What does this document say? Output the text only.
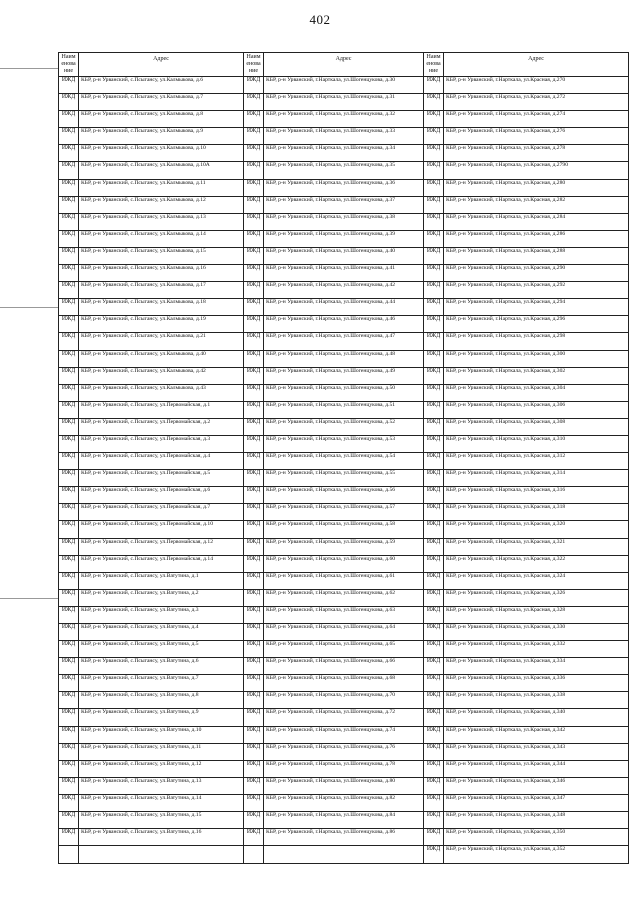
402
Наим
енова
ние	Адрес	Наим
енова
ние	Адрес	Наим
енова
ние	Адрес
ИЖД	КБР, р-н Урванский, с.Псыгансу, ул.Калмыкова, д.6	ИЖД	КБР, р-н Урванский, г.Нарткала, ул.Шогенцукова, д.30	ИЖД	КБР, р-н Урванский, г.Нарткала, ул.Красная, д.270
ИЖД	КБР, р-н Урванский, с.Псыгансу, ул.Калмыкова, д.7	ИЖД	КБР, р-н Урванский, г.Нарткала, ул.Шогенцукова, д.31	ИЖД	КБР, р-н Урванский, г.Нарткала, ул.Красная, д.272
ИЖД	КБР, р-н Урванский, с.Псыгансу, ул.Калмыкова, д.8	ИЖД	КБР, р-н Урванский, г.Нарткала, ул.Шогенцукова, д.32	ИЖД	КБР, р-н Урванский, г.Нарткала, ул.Красная, д.274
ИЖД	КБР, р-н Урванский, с.Псыгансу, ул.Калмыкова, д.9	ИЖД	КБР, р-н Урванский, г.Нарткала, ул.Шогенцукова, д.33	ИЖД	КБР, р-н Урванский, г.Нарткала, ул.Красная, д.276
ИЖД	КБР, р-н Урванский, с.Псыгансу, ул.Калмыкова, д.10	ИЖД	КБР, р-н Урванский, г.Нарткала, ул.Шогенцукова, д.34	ИЖД	КБР, р-н Урванский, г.Нарткала, ул.Красная, д.278
ИЖД	КБР, р-н Урванский, с.Псыгансу, ул.Калмыкова, д.10А	ИЖД	КБР, р-н Урванский, г.Нарткала, ул.Шогенцукова, д.35	ИЖД	КБР, р-н Урванский, г.Нарткала, ул.Красная, д.2790
ИЖД	КБР, р-н Урванский, с.Псыгансу, ул.Калмыкова, д.11	ИЖД	КБР, р-н Урванский, г.Нарткала, ул.Шогенцукова, д.36	ИЖД	КБР, р-н Урванский, г.Нарткала, ул.Красная, д.280
ИЖД	КБР, р-н Урванский, с.Псыгансу, ул.Калмыкова, д.12	ИЖД	КБР, р-н Урванский, г.Нарткала, ул.Шогенцукова, д.37	ИЖД	КБР, р-н Урванский, г.Нарткала, ул.Красная, д.282
ИЖД	КБР, р-н Урванский, с.Псыгансу, ул.Калмыкова, д.13	ИЖД	КБР, р-н Урванский, г.Нарткала, ул.Шогенцукова, д.38	ИЖД	КБР, р-н Урванский, г.Нарткала, ул.Красная, д.284
ИЖД	КБР, р-н Урванский, с.Псыгансу, ул.Калмыкова, д.14	ИЖД	КБР, р-н Урванский, г.Нарткала, ул.Шогенцукова, д.39	ИЖД	КБР, р-н Урванский, г.Нарткала, ул.Красная, д.286
ИЖД	КБР, р-н Урванский, с.Псыгансу, ул.Калмыкова, д.15	ИЖД	КБР, р-н Урванский, г.Нарткала, ул.Шогенцукова, д.40	ИЖД	КБР, р-н Урванский, г.Нарткала, ул.Красная, д.288
ИЖД	КБР, р-н Урванский, с.Псыгансу, ул.Калмыкова, д.16	ИЖД	КБР, р-н Урванский, г.Нарткала, ул.Шогенцукова, д.41	ИЖД	КБР, р-н Урванский, г.Нарткала, ул.Красная, д.290
ИЖД	КБР, р-н Урванский, с.Псыгансу, ул.Калмыкова, д.17	ИЖД	КБР, р-н Урванский, г.Нарткала, ул.Шогенцукова, д.42	ИЖД	КБР, р-н Урванский, г.Нарткала, ул.Красная, д.292
ИЖД	КБР, р-н Урванский, с.Псыгансу, ул.Калмыкова, д.18	ИЖД	КБР, р-н Урванский, г.Нарткала, ул.Шогенцукова, д.44	ИЖД	КБР, р-н Урванский, г.Нарткала, ул.Красная, д.294
ИЖД	КБР, р-н Урванский, с.Псыгансу, ул.Калмыкова, д.19	ИЖД	КБР, р-н Урванский, г.Нарткала, ул.Шогенцукова, д.46	ИЖД	КБР, р-н Урванский, г.Нарткала, ул.Красная, д.296
ИЖД	КБР, р-н Урванский, с.Псыгансу, ул.Калмыкова, д.21	ИЖД	КБР, р-н Урванский, г.Нарткала, ул.Шогенцукова, д.47	ИЖД	КБР, р-н Урванский, г.Нарткала, ул.Красная, д.298
ИЖД	КБР, р-н Урванский, с.Псыгансу, ул.Калмыкова, д.40	ИЖД	КБР, р-н Урванский, г.Нарткала, ул.Шогенцукова, д.48	ИЖД	КБР, р-н Урванский, г.Нарткала, ул.Красная, д.300
ИЖД	КБР, р-н Урванский, с.Псыгансу, ул.Калмыкова, д.42	ИЖД	КБР, р-н Урванский, г.Нарткала, ул.Шогенцукова, д.49	ИЖД	КБР, р-н Урванский, г.Нарткала, ул.Красная, д.302
ИЖД	КБР, р-н Урванский, с.Псыгансу, ул.Калмыкова, д.43	ИЖД	КБР, р-н Урванский, г.Нарткала, ул.Шогенцукова, д.50	ИЖД	КБР, р-н Урванский, г.Нарткала, ул.Красная, д.304
ИЖД	КБР, р-н Урванский, с.Псыгансу, ул.Первомайская, д.1	ИЖД	КБР, р-н Урванский, г.Нарткала, ул.Шогенцукова, д.51	ИЖД	КБР, р-н Урванский, г.Нарткала, ул.Красная, д.306
ИЖД	КБР, р-н Урванский, с.Псыгансу, ул.Первомайская, д.2	ИЖД	КБР, р-н Урванский, г.Нарткала, ул.Шогенцукова, д.52	ИЖД	КБР, р-н Урванский, г.Нарткала, ул.Красная, д.308
ИЖД	КБР, р-н Урванский, с.Псыгансу, ул.Первомайская, д.3	ИЖД	КБР, р-н Урванский, г.Нарткала, ул.Шогенцукова, д.53	ИЖД	КБР, р-н Урванский, г.Нарткала, ул.Красная, д.310
ИЖД	КБР, р-н Урванский, с.Псыгансу, ул.Первомайская, д.4	ИЖД	КБР, р-н Урванский, г.Нарткала, ул.Шогенцукова, д.54	ИЖД	КБР, р-н Урванский, г.Нарткала, ул.Красная, д.312
ИЖД	КБР, р-н Урванский, с.Псыгансу, ул.Первомайская, д.5	ИЖД	КБР, р-н Урванский, г.Нарткала, ул.Шогенцукова, д.55	ИЖД	КБР, р-н Урванский, г.Нарткала, ул.Красная, д.314
ИЖД	КБР, р-н Урванский, с.Псыгансу, ул.Первомайская, д.6	ИЖД	КБР, р-н Урванский, г.Нарткала, ул.Шогенцукова, д.56	ИЖД	КБР, р-н Урванский, г.Нарткала, ул.Красная, д.316
ИЖД	КБР, р-н Урванский, с.Псыгансу, ул.Первомайская, д.7	ИЖД	КБР, р-н Урванский, г.Нарткала, ул.Шогенцукова, д.57	ИЖД	КБР, р-н Урванский, г.Нарткала, ул.Красная, д.318
ИЖД	КБР, р-н Урванский, с.Псыгансу, ул.Первомайская, д.10	ИЖД	КБР, р-н Урванский, г.Нарткала, ул.Шогенцукова, д.58	ИЖД	КБР, р-н Урванский, г.Нарткала, ул.Красная, д.320
ИЖД	КБР, р-н Урванский, с.Псыгансу, ул.Первомайская, д.12	ИЖД	КБР, р-н Урванский, г.Нарткала, ул.Шогенцукова, д.59	ИЖД	КБР, р-н Урванский, г.Нарткала, ул.Красная, д.321
ИЖД	КБР, р-н Урванский, с.Псыгансу, ул.Первомайская, д.14	ИЖД	КБР, р-н Урванский, г.Нарткала, ул.Шогенцукова, д.60	ИЖД	КБР, р-н Урванский, г.Нарткала, ул.Красная, д.322
ИЖД	КБР, р-н Урванский, с.Псыгансу, ул.Ватутина, д.1	ИЖД	КБР, р-н Урванский, г.Нарткала, ул.Шогенцукова, д.61	ИЖД	КБР, р-н Урванский, г.Нарткала, ул.Красная, д.324
ИЖД	КБР, р-н Урванский, с.Псыгансу, ул.Ватутина, д.2	ИЖД	КБР, р-н Урванский, г.Нарткала, ул.Шогенцукова, д.62	ИЖД	КБР, р-н Урванский, г.Нарткала, ул.Красная, д.326
ИЖД	КБР, р-н Урванский, с.Псыгансу, ул.Ватутина, д.3	ИЖД	КБР, р-н Урванский, г.Нарткала, ул.Шогенцукова, д.63	ИЖД	КБР, р-н Урванский, г.Нарткала, ул.Красная, д.328
ИЖД	КБР, р-н Урванский, с.Псыгансу, ул.Ватутина, д.4	ИЖД	КБР, р-н Урванский, г.Нарткала, ул.Шогенцукова, д.64	ИЖД	КБР, р-н Урванский, г.Нарткала, ул.Красная, д.330
ИЖД	КБР, р-н Урванский, с.Псыгансу, ул.Ватутина, д.5	ИЖД	КБР, р-н Урванский, г.Нарткала, ул.Шогенцукова, д.65	ИЖД	КБР, р-н Урванский, г.Нарткала, ул.Красная, д.332
ИЖД	КБР, р-н Урванский, с.Псыгансу, ул.Ватутина, д.6	ИЖД	КБР, р-н Урванский, г.Нарткала, ул.Шогенцукова, д.66	ИЖД	КБР, р-н Урванский, г.Нарткала, ул.Красная, д.334
ИЖД	КБР, р-н Урванский, с.Псыгансу, ул.Ватутина, д.7	ИЖД	КБР, р-н Урванский, г.Нарткала, ул.Шогенцукова, д.68	ИЖД	КБР, р-н Урванский, г.Нарткала, ул.Красная, д.336
ИЖД	КБР, р-н Урванский, с.Псыгансу, ул.Ватутина, д.8	ИЖД	КБР, р-н Урванский, г.Нарткала, ул.Шогенцукова, д.70	ИЖД	КБР, р-н Урванский, г.Нарткала, ул.Красная, д.338
ИЖД	КБР, р-н Урванский, с.Псыгансу, ул.Ватутина, д.9	ИЖД	КБР, р-н Урванский, г.Нарткала, ул.Шогенцукова, д.72	ИЖД	КБР, р-н Урванский, г.Нарткала, ул.Красная, д.340
ИЖД	КБР, р-н Урванский, с.Псыгансу, ул.Ватутина, д.10	ИЖД	КБР, р-н Урванский, г.Нарткала, ул.Шогенцукова, д.74	ИЖД	КБР, р-н Урванский, г.Нарткала, ул.Красная, д.342
ИЖД	КБР, р-н Урванский, с.Псыгансу, ул.Ватутина, д.11	ИЖД	КБР, р-н Урванский, г.Нарткала, ул.Шогенцукова, д.76	ИЖД	КБР, р-н Урванский, г.Нарткала, ул.Красная, д.343
ИЖД	КБР, р-н Урванский, с.Псыгансу, ул.Ватутина, д.12	ИЖД	КБР, р-н Урванский, г.Нарткала, ул.Шогенцукова, д.78	ИЖД	КБР, р-н Урванский, г.Нарткала, ул.Красная, д.344
ИЖД	КБР, р-н Урванский, с.Псыгансу, ул.Ватутина, д.13	ИЖД	КБР, р-н Урванский, г.Нарткала, ул.Шогенцукова, д.80	ИЖД	КБР, р-н Урванский, г.Нарткала, ул.Красная, д.346
ИЖД	КБР, р-н Урванский, с.Псыгансу, ул.Ватутина, д.14	ИЖД	КБР, р-н Урванский, г.Нарткала, ул.Шогенцукова, д.82	ИЖД	КБР, р-н Урванский, г.Нарткала, ул.Красная, д.347
ИЖД	КБР, р-н Урванский, с.Псыгансу, ул.Ватутина, д.15	ИЖД	КБР, р-н Урванский, г.Нарткала, ул.Шогенцукова, д.84	ИЖД	КБР, р-н Урванский, г.Нарткала, ул.Красная, д.348
ИЖД	КБР, р-н Урванский, с.Псыгансу, ул.Ватутина, д.16	ИЖД	КБР, р-н Урванский, г.Нарткала, ул.Шогенцукова, д.86	ИЖД	КБР, р-н Урванский, г.Нарткала, ул.Красная, д.350
				ИЖД	КБР, р-н Урванский, г.Нарткала, ул.Красная, д.352
